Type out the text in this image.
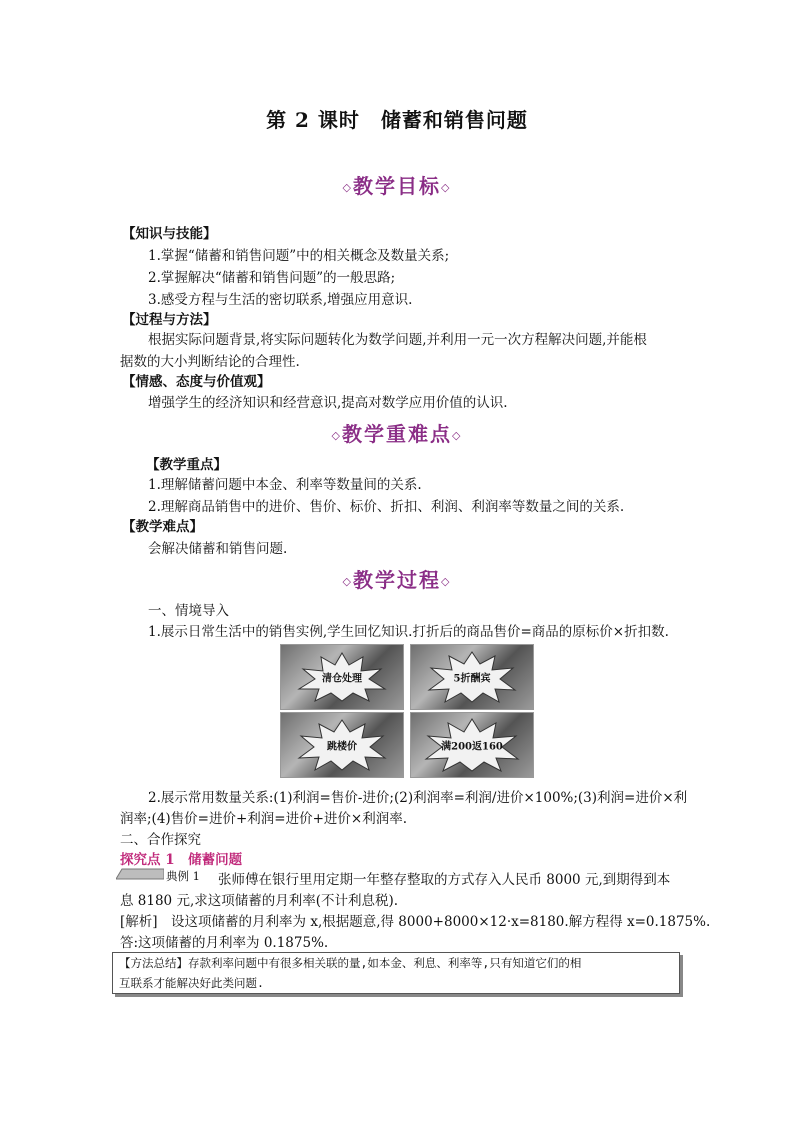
第 2 课时　储蓄和销售问题
◇教学目标◇
【知识与技能】
1.掌握“储蓄和销售问题”中的相关概念及数量关系;
2.掌握解决“储蓄和销售问题”的一般思路;
3.感受方程与生活的密切联系,增强应用意识.
【过程与方法】
根据实际问题背景,将实际问题转化为数学问题,并利用一元一次方程解决问题,并能根
据数的大小判断结论的合理性.
【情感、态度与价值观】
增强学生的经济知识和经营意识,提高对数学应用价值的认识.
◇教学重难点◇
【教学重点】
1.理解储蓄问题中本金、利率等数量间的关系.
2.理解商品销售中的进价、售价、标价、折扣、利润、利润率等数量之间的关系.
【教学难点】
会解决储蓄和销售问题.
◇教学过程◇
一、情境导入
1.展示日常生活中的销售实例,学生回忆知识.打折后的商品售价=商品的原标价×折扣数.
清仓处理	5折酬宾
跳楼价	满200返160
2.展示常用数量关系:(1)利润=售价-进价;(2)利润率=利润/进价×100%;(3)利润=进价×利
润率;(4)售价=进价+利润=进价+进价×利润率.
二、合作探究
探究点 1　储蓄问题
典例 1 张师傅在银行里用定期一年整存整取的方式存入人民币 8000 元,到期得到本
息 8180 元,求这项储蓄的月利率(不计利息税).
[解析]　设这项储蓄的月利率为 x,根据题意,得 8000+8000×12·x=8180.解方程得 x=0.1875%.
答:这项储蓄的月利率为 0.1875%.
【方法总结】存款利率问题中有很多相关联的量,如本金、利息、利率等,只有知道它们的相
互联系才能解决好此类问题.
